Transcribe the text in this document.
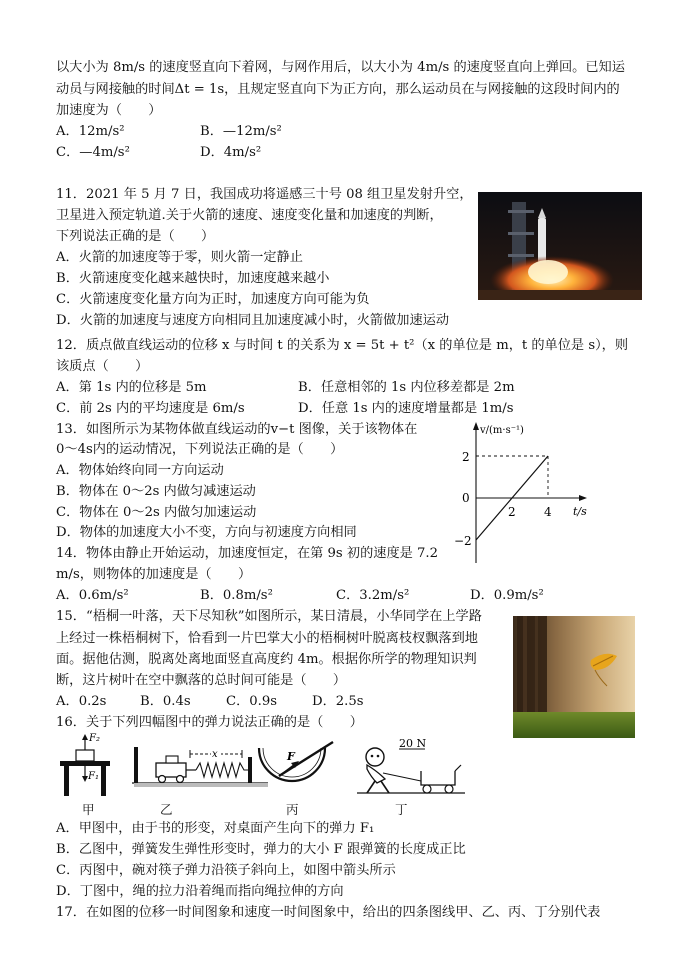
以大小为 8m/s 的速度竖直向下着网，与网作用后，以大小为 4m/s 的速度竖直向上弹回。已知运
动员与网接触的时间Δt = 1s，且规定竖直向下为正方向，那么运动员在与网接触的这段时间内的
加速度为（　　）
A．12m/s²	B．—12m/s²
C．—4m/s²	D．4m/s²
11．2021 年 5 月 7 日，我国成功将遥感三十号 08 组卫星发射升空，
卫星进入预定轨道.关于火箭的速度、速度变化量和加速度的判断，
下列说法正确的是（　　）
A．火箭的加速度等于零，则火箭一定静止
B．火箭速度变化越来越快时，加速度越来越小
C．火箭速度变化量方向为正时，加速度方向可能为负
D．火箭的加速度与速度方向相同且加速度减小时，火箭做加速运动
12．质点做直线运动的位移 x 与时间 t 的关系为 x = 5t + t²（x 的单位是 m，t 的单位是 s），则
该质点（　　）
A．第 1s 内的位移是 5m	B．任意相邻的 1s 内位移差都是 2m
C．前 2s 内的平均速度是 6m/s	D．任意 1s 内的速度增量都是 1m/s
13．如图所示为某物体做直线运动的v−t 图像，关于该物体在
0～4s内的运动情况，下列说法正确的是（　　）
A．物体始终向同一方向运动
B．物体在 0～2s 内做匀减速运动
C．物体在 0～2s 内做匀加速运动
D．物体的加速度大小不变，方向与初速度方向相同
v/(m·s⁻¹)
t/s
2
0
−2
2 4
14．物体由静止开始运动，加速度恒定，在第 9s 初的速度是 7.2
m/s，则物体的加速度是（　　）
A．0.6m/s²	B．0.8m/s²	C．3.2m/s²	D．0.9m/s²
15．“梧桐一叶落，天下尽知秋”如图所示，某日清晨，小华同学在上学路
上经过一株梧桐树下，恰看到一片巴掌大小的梧桐树叶脱离枝杈飘落到地
面。据他估测，脱离处离地面竖直高度约 4m。根据你所学的物理知识判
断，这片树叶在空中飘落的总时间可能是（　　）
A．0.2s	B．0.4s	C．0.9s	D．2.5s
16．关于下列四幅图中的弹力说法正确的是（　　）
F₂
F₁
x	F
20 N
甲	乙	丙	丁
A．甲图中，由于书的形变，对桌面产生向下的弹力 F₁
B．乙图中，弹簧发生弹性形变时，弹力的大小 F 跟弹簧的长度成正比
C．丙图中，碗对筷子弹力沿筷子斜向上，如图中箭头所示
D．丁图中，绳的拉力沿着绳而指向绳拉伸的方向
17．在如图的位移一时间图象和速度一时间图象中，给出的四条图线甲、乙、丙、丁分别代表
